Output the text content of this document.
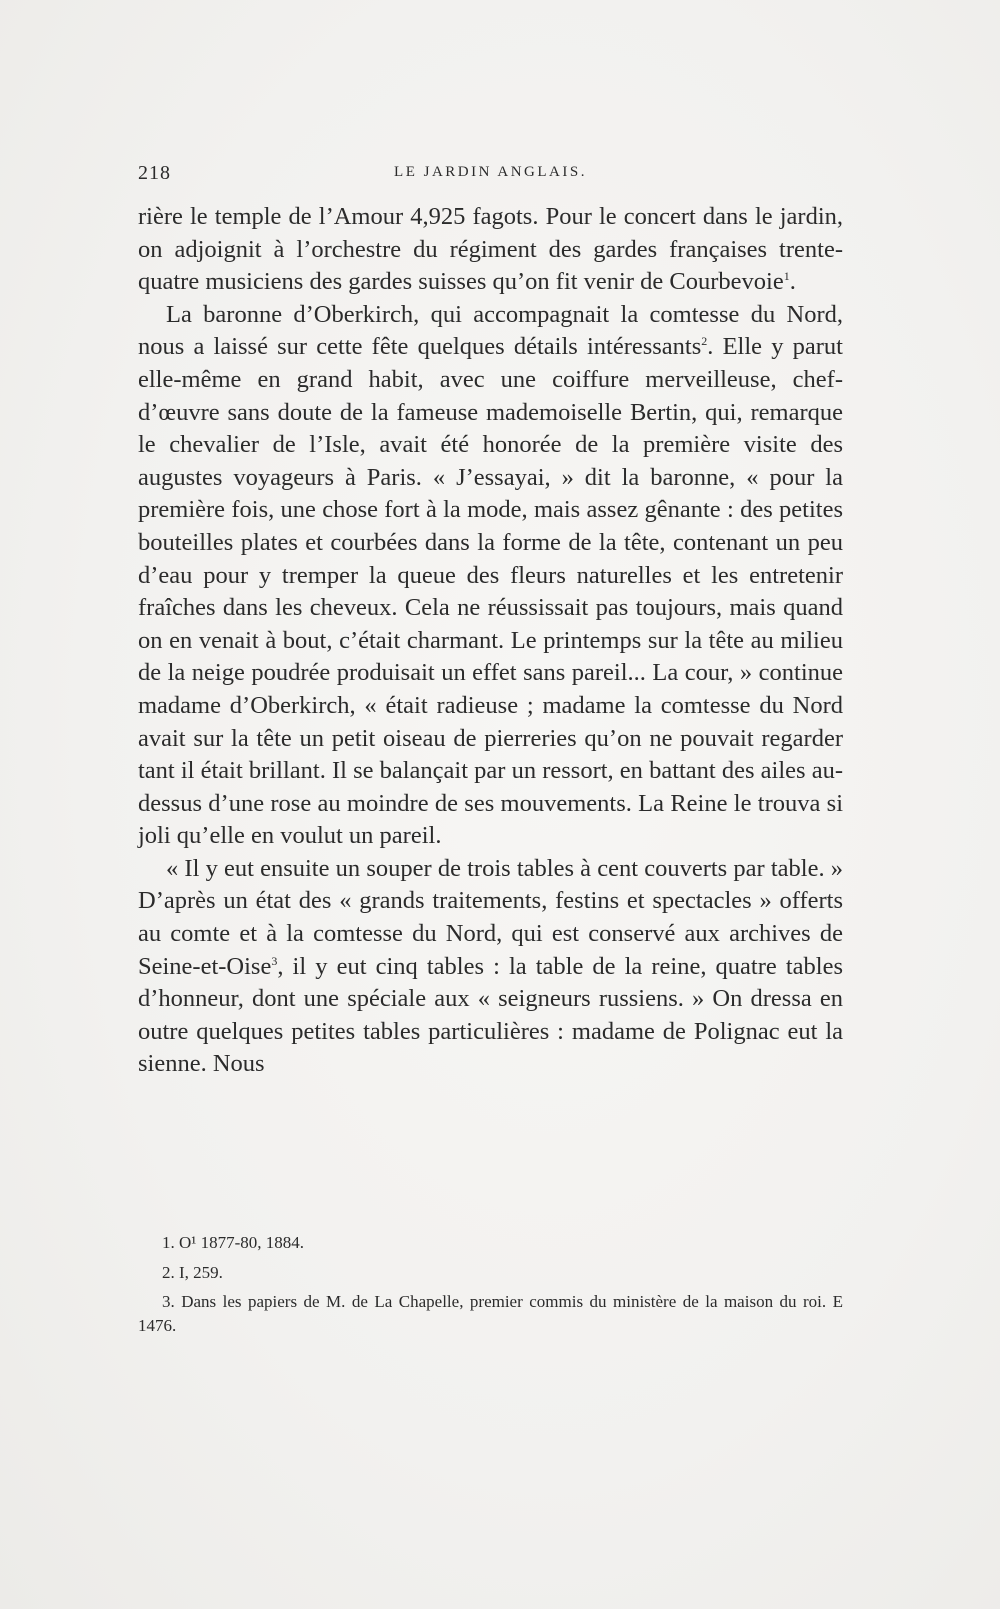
218	LE JARDIN ANGLAIS.

rière le temple de l’Amour 4,925 fagots. Pour le concert dans le jardin, on adjoignit à l’orchestre du régiment des gardes françaises trente-quatre musiciens des gardes suisses qu’on fit venir de Courbevoie$^1$.

La baronne d’Oberkirch, qui accompagnait la comtesse du Nord, nous a laissé sur cette fête quelques détails intéressants$^2$. Elle y parut elle-même en grand habit, avec une coiffure merveilleuse, chef-d’œuvre sans doute de la fameuse mademoiselle Bertin, qui, remarque le chevalier de l’Isle, avait été honorée de la première visite des augustes voyageurs à Paris. « J’essayai, » dit la baronne, « pour la première fois, une chose fort à la mode, mais assez gênante : des petites bouteilles plates et courbées dans la forme de la tête, contenant un peu d’eau pour y tremper la queue des fleurs naturelles et les entretenir fraîches dans les cheveux. Cela ne réussissait pas toujours, mais quand on en venait à bout, c’était charmant. Le printemps sur la tête au milieu de la neige poudrée produisait un effet sans pareil... La cour, » continue madame d’Oberkirch, « était radieuse ; madame la comtesse du Nord avait sur la tête un petit oiseau de pierreries qu’on ne pouvait regarder tant il était brillant. Il se balançait par un ressort, en battant des ailes au-dessus d’une rose au moindre de ses mouvements. La Reine le trouva si joli qu’elle en voulut un pareil.

« Il y eut ensuite un souper de trois tables à cent couverts par table. » D’après un état des « grands traitements, festins et spectacles » offerts au comte et à la comtesse du Nord, qui est conservé aux archives de Seine-et-Oise$^3$, il y eut cinq tables : la table de la reine, quatre tables d’honneur, dont une spéciale aux « seigneurs russiens. » On dressa en outre quelques petites tables particulières : madame de Polignac eut la sienne. Nous

1. O¹ 1877-80, 1884.

2. I, 259.

3. Dans les papiers de M. de La Chapelle, premier commis du ministère de la maison du roi. E 1476.
